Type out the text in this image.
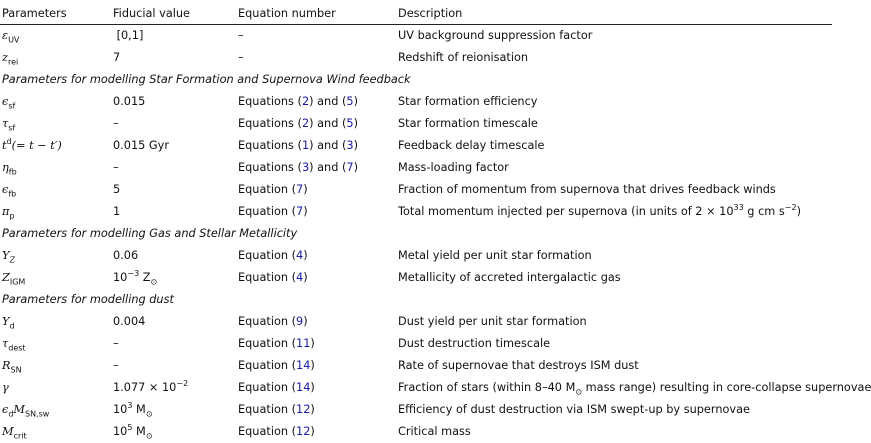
Parameters	Fiducial value	Equation number	Description
$\varepsilon_{UV}$	[0,1]	–	UV background suppression factor
$z_{rei}$	7	–	Redshift of reionisation
Parameters for modelling Star Formation and Supernova Wind feedback
$\epsilon_{sf}$	0.015	Equations (2) and (5)	Star formation efficiency
$\tau_{sf}$	–	Equations (2) and (5)	Star formation timescale
$t^d(= t - t')$	0.015 Gyr	Equations (1) and (3)	Feedback delay timescale
$\eta_{fb}$	–	Equations (3) and (7)	Mass-loading factor
$\epsilon_{fb}$	5	Equation (7)	Fraction of momentum from supernova that drives feedback winds
$\pi_p$	1	Equation (7)	Total momentum injected per supernova (in units of $2 \times 10^{33}$ g cm $s^{-2}$)
Parameters for modelling Gas and Stellar Metallicity
$Y_Z$	0.06	Equation (4)	Metal yield per unit star formation
$Z_{IGM}$	$10^{-3}$ $Z_⊙$	Equation (4)	Metallicity of accreted intergalactic gas
Parameters for modelling dust
$Y_d$	0.004	Equation (9)	Dust yield per unit star formation
$\tau_{dest}$	–	Equation (11)	Dust destruction timescale
$R_{SN}$	–	Equation (14)	Rate of supernovae that destroys ISM dust
γ	$1.077 \times 10^{-2}$	Equation (14)	Fraction of stars (within 8–40 $M_⊙$ mass range) resulting in core-collapse supernovae
$\epsilon_dM_{SN,sw}$	$10^3$ $M_⊙$	Equation (12)	Efficiency of dust destruction via ISM swept-up by supernovae
$M_{crit}$	$10^5$ $M_⊙$	Equation (12)	Critical mass
